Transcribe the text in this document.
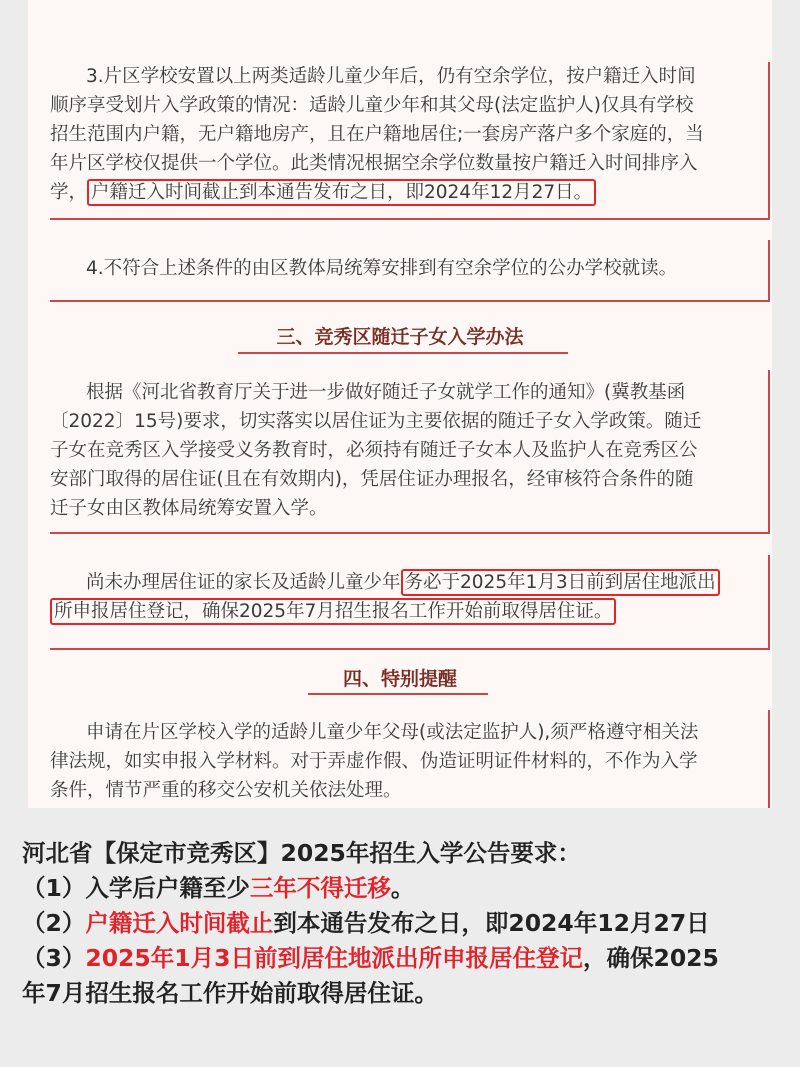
3.片区学校安置以上两类适龄儿童少年后，仍有空余学位，按户籍迁入时间
顺序享受划片入学政策的情况：适龄儿童少年和其父母(法定监护人)仅具有学校
招生范围内户籍，无户籍地房产，且在户籍地居住;一套房产落户多个家庭的，当
年片区学校仅提供一个学位。此类情况根据空余学位数量按户籍迁入时间排序入
学， 户籍迁入时间截止到本通告发布之日，即2024年12月27日。
4.不符合上述条件的由区教体局统筹安排到有空余学位的公办学校就读。
三、竞秀区随迁子女入学办法
根据《河北省教育厅关于进一步做好随迁子女就学工作的通知》(冀教基函
〔2022〕15号)要求，切实落实以居住证为主要依据的随迁子女入学政策。随迁
子女在竞秀区入学接受义务教育时，必须持有随迁子女本人及监护人在竞秀区公
安部门取得的居住证(且在有效期内)，凭居住证办理报名，经审核符合条件的随
迁子女由区教体局统筹安置入学。
尚未办理居住证的家长及适龄儿童少年 务必于2025年1月3日前到居住地派出
所申报居住登记，确保2025年7月招生报名工作开始前取得居住证。
四、特别提醒
申请在片区学校入学的适龄儿童少年父母(或法定监护人),须严格遵守相关法
律法规，如实申报入学材料。对于弄虚作假、伪造证明证件材料的，不作为入学
条件，情节严重的移交公安机关依法处理。
河北省【保定市竞秀区】2025年招生入学公告要求：
（1）入学后户籍至少三年不得迁移。
（2）户籍迁入时间截止到本通告发布之日，即2024年12月27日
（3）2025年1月3日前到居住地派出所申报居住登记，确保2025
年7月招生报名工作开始前取得居住证。
